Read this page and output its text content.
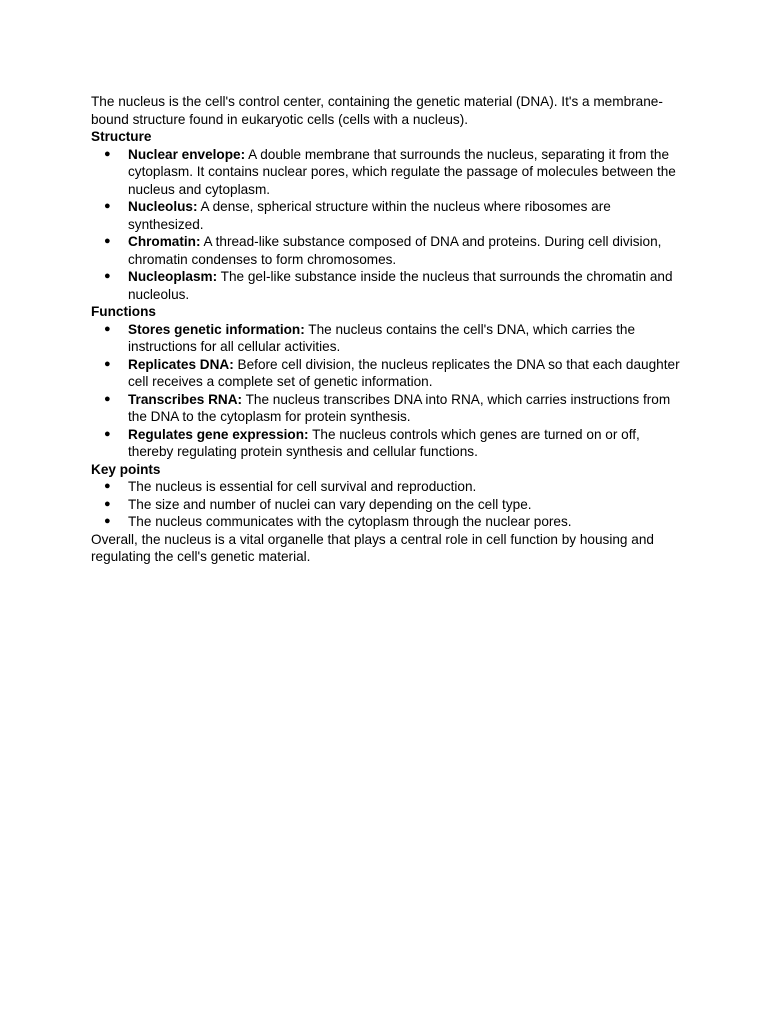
The nucleus is the cell's control center, containing the genetic material (DNA). It's a membrane-bound structure found in eukaryotic cells (cells with a nucleus).

Structure

● Nuclear envelope: A double membrane that surrounds the nucleus, separating it from the cytoplasm. It contains nuclear pores, which regulate the passage of molecules between the nucleus and cytoplasm.
● Nucleolus: A dense, spherical structure within the nucleus where ribosomes are synthesized.
● Chromatin: A thread-like substance composed of DNA and proteins. During cell division, chromatin condenses to form chromosomes.
● Nucleoplasm: The gel-like substance inside the nucleus that surrounds the chromatin and nucleolus.

Functions

● Stores genetic information: The nucleus contains the cell's DNA, which carries the instructions for all cellular activities.
● Replicates DNA: Before cell division, the nucleus replicates the DNA so that each daughter cell receives a complete set of genetic information.
● Transcribes RNA: The nucleus transcribes DNA into RNA, which carries instructions from the DNA to the cytoplasm for protein synthesis.
● Regulates gene expression: The nucleus controls which genes are turned on or off, thereby regulating protein synthesis and cellular functions.

Key points

● The nucleus is essential for cell survival and reproduction.
● The size and number of nuclei can vary depending on the cell type.
● The nucleus communicates with the cytoplasm through the nuclear pores.

Overall, the nucleus is a vital organelle that plays a central role in cell function by housing and regulating the cell's genetic material.
